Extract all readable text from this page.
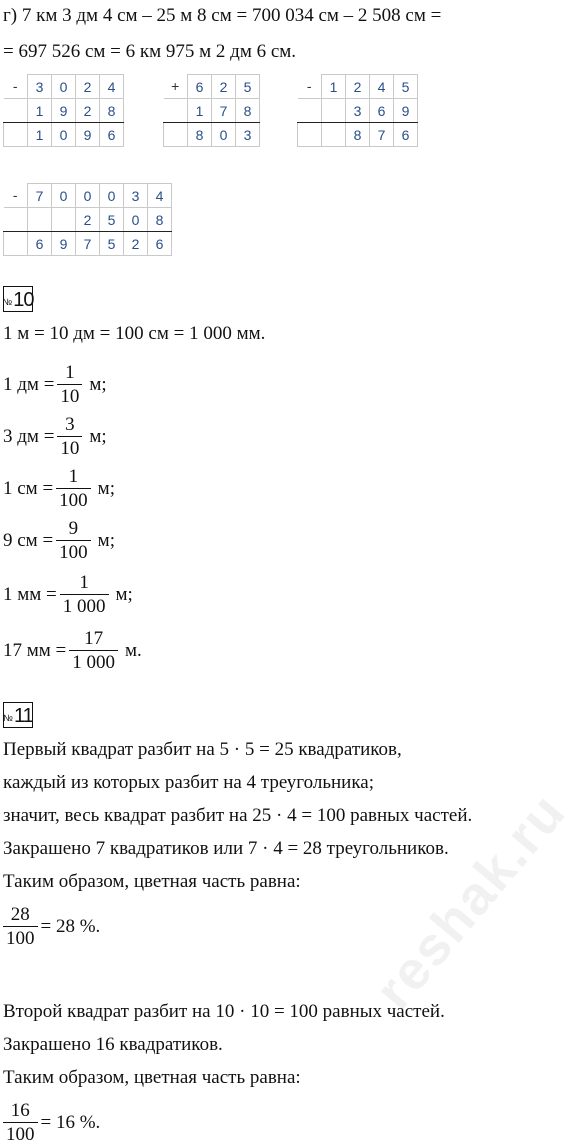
г) 7 км 3 дм 4 см – 25 м 8 см = 700 034 см – 2 508 см =
= 697 526 см = 6 км 975 м 2 дм 6 см.
-	3	0	2	4
	1	9	2	8
	1	0	9	6
+	6	2	5
	1	7	8
	8	0	3
-	1	2	4	5
		3	6	9
		8	7	6
-	7	0	0	0	3	4
			2	5	0	8
	6	9	7	5	2	6
№ 10
1 м = 10 дм = 100 см = 1 000 мм.
1 дм = $\frac{1}{10} м$;
3 дм = $\frac{3}{10} м$;
1 см = $\frac{1}{100} м$;
9 см = $\frac{9}{100} м$;
1 мм = $\frac{1}{1 000} м$;
17 мм = $\frac{17}{1 000} м$.
№ 11
Первый квадрат разбит на 5 · 5 = 25 квадратиков,
каждый из которых разбит на 4 треугольника;
значит, весь квадрат разбит на 25 · 4 = 100 равных частей.
Закрашено 7 квадратиков или 7 · 4 = 28 треугольников.
Таким образом, цветная часть равна:
$\frac{28}{100} = 28$ %.
Второй квадрат разбит на 10 · 10 = 100 равных частей.
Закрашено 16 квадратиков.
Таким образом, цветная часть равна:
$\frac{16}{100} = 16$ %.
reshak.ru
